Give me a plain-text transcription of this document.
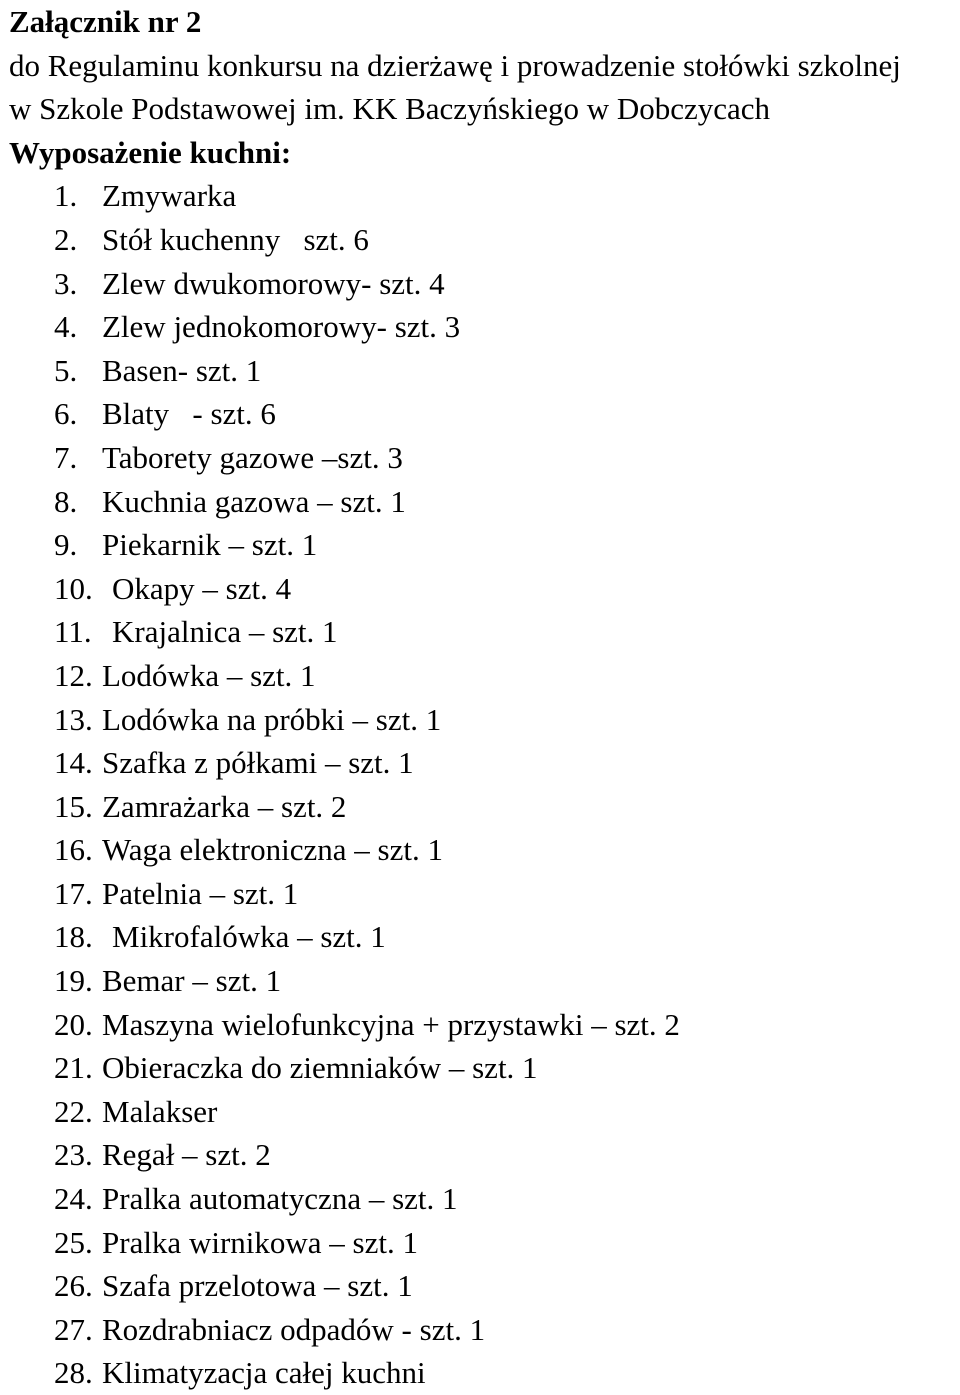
Załącznik nr 2
do Regulaminu konkursu na dzierżawę i prowadzenie stołówki szkolnej
w Szkole Podstawowej im. KK Baczyńskiego w Dobczycach
Wyposażenie kuchni:
1. Zmywarka
2. Stół kuchenny   szt. 6
3. Zlew dwukomorowy- szt. 4
4. Zlew jednokomorowy- szt. 3
5. Basen- szt. 1
6. Blaty   - szt. 6
7. Taborety gazowe –szt. 3
8. Kuchnia gazowa – szt. 1
9. Piekarnik – szt. 1
10. Okapy – szt. 4
11. Krajalnica – szt. 1
12. Lodówka – szt. 1
13. Lodówka na próbki – szt. 1
14. Szafka z półkami – szt. 1
15. Zamrażarka – szt. 2
16. Waga elektroniczna – szt. 1
17. Patelnia – szt. 1
18. Mikrofalówka – szt. 1
19. Bemar – szt. 1
20. Maszyna wielofunkcyjna + przystawki – szt. 2
21. Obieraczka do ziemniaków – szt. 1
22. Malakser
23. Regał – szt. 2
24. Pralka automatyczna – szt. 1
25. Pralka wirnikowa – szt. 1
26. Szafa przelotowa – szt. 1
27. Rozdrabniacz odpadów - szt. 1
28. Klimatyzacja całej kuchni
